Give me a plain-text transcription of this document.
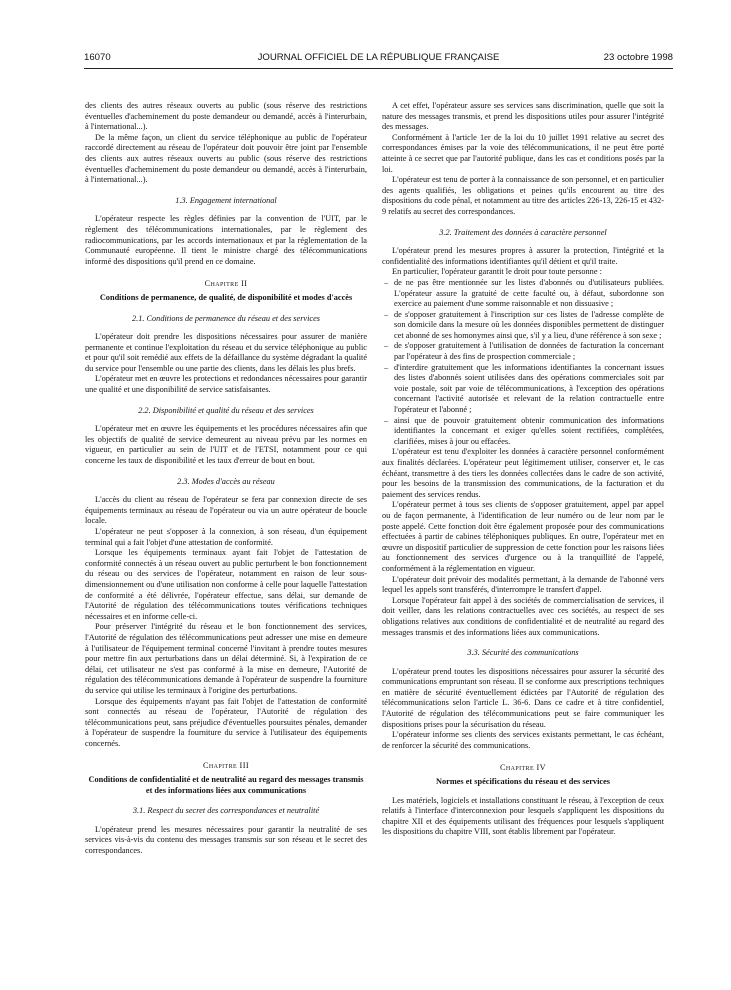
16070	JOURNAL OFFICIEL DE LA RÉPUBLIQUE FRANÇAISE	23 octobre 1998

des clients des autres réseaux ouverts au public (sous réserve des restrictions éventuelles d'acheminement du poste demandeur ou demandé, accès à l'interurbain, à l'international...).

De la même façon, un client du service téléphonique au public de l'opérateur raccordé directement au réseau de l'opérateur doit pouvoir être joint par l'ensemble des clients aux autres réseaux ouverts au public (sous réserve des restrictions éventuelles d'acheminement du poste demandeur ou demandé, accès à l'interurbain, à l'international...).

1.3. Engagement international

L'opérateur respecte les règles définies par la convention de l'UIT, par le règlement des télécommunications internationales, par le règlement des radiocommunications, par les accords internationaux et par la réglementation de la Communauté européenne. Il tient le ministre chargé des télécommunications informé des dispositions qu'il prend en ce domaine.

Chapitre II
Conditions de permanence, de qualité, de disponibilité et modes d'accès
2.1. Conditions de permanence du réseau et des services

L'opérateur doit prendre les dispositions nécessaires pour assurer de manière permanente et continue l'exploitation du réseau et du service téléphonique au public et pour qu'il soit remédié aux effets de la défaillance du système dégradant la qualité du service pour l'ensemble ou une partie des clients, dans les délais les plus brefs.

L'opérateur met en œuvre les protections et redondances nécessaires pour garantir une qualité et une disponibilité de service satisfaisantes.

2.2. Disponibilité et qualité du réseau et des services

L'opérateur met en œuvre les équipements et les procédures nécessaires afin que les objectifs de qualité de service demeurent au niveau prévu par les normes en vigueur, en particulier au sein de l'UIT et de l'ETSI, notamment pour ce qui concerne les taux de disponibilité et les taux d'erreur de bout en bout.

2.3. Modes d'accès au réseau

L'accès du client au réseau de l'opérateur se fera par connexion directe de ses équipements terminaux au réseau de l'opérateur ou via un autre opérateur de boucle locale.

L'opérateur ne peut s'opposer à la connexion, à son réseau, d'un équipement terminal qui a fait l'objet d'une attestation de conformité.

Lorsque les équipements terminaux ayant fait l'objet de l'attestation de conformité connectés à un réseau ouvert au public perturbent le bon fonctionnement du réseau ou des services de l'opérateur, notamment en raison de leur sous-dimensionnement ou d'une utilisation non conforme à celle pour laquelle l'attestation de conformité a été délivrée, l'opérateur effectue, sans délai, sur demande de l'Autorité de régulation des télécommunications toutes vérifications techniques nécessaires et en informe celle-ci.

Pour préserver l'intégrité du réseau et le bon fonctionnement des services, l'Autorité de régulation des télécommunications peut adresser une mise en demeure à l'utilisateur de l'équipement terminal concerné l'invitant à prendre toutes mesures pour mettre fin aux perturbations dans un délai déterminé. Si, à l'expiration de ce délai, cet utilisateur ne s'est pas conformé à la mise en demeure, l'Autorité de régulation des télécommunications demande à l'opérateur de suspendre la fourniture du service qui utilise les terminaux à l'origine des perturbations.

Lorsque des équipements n'ayant pas fait l'objet de l'attestation de conformité sont connectés au réseau de l'opérateur, l'Autorité de régulation des télécommunications peut, sans préjudice d'éventuelles poursuites pénales, demander à l'opérateur de suspendre la fourniture du service à l'utilisateur des équipements concernés.

Chapitre III
Conditions de confidentialité et de neutralité au regard des messages transmis et des informations liées aux communications
3.1. Respect du secret des correspondances et neutralité

L'opérateur prend les mesures nécessaires pour garantir la neutralité de ses services vis-à-vis du contenu des messages transmis sur son réseau et le secret des correspondances.

A cet effet, l'opérateur assure ses services sans discrimination, quelle que soit la nature des messages transmis, et prend les dispositions utiles pour assurer l'intégrité des messages.

Conformément à l'article 1er de la loi du 10 juillet 1991 relative au secret des correspondances émises par la voie des télécommunications, il ne peut être porté atteinte à ce secret que par l'autorité publique, dans les cas et conditions posés par la loi.

L'opérateur est tenu de porter à la connaissance de son personnel, et en particulier des agents qualifiés, les obligations et peines qu'ils encourent au titre des dispositions du code pénal, et notamment au titre des articles 226-13, 226-15 et 432-9 relatifs au secret des correspondances.

3.2. Traitement des données à caractère personnel

L'opérateur prend les mesures propres à assurer la protection, l'intégrité et la confidentialité des informations identifiantes qu'il détient et qu'il traite.

En particulier, l'opérateur garantit le droit pour toute personne :

– de ne pas être mentionnée sur les listes d'abonnés ou d'utilisateurs publiées. L'opérateur assure la gratuité de cette faculté ou, à défaut, subordonne son exercice au paiement d'une somme raisonnable et non dissuasive ;
– de s'opposer gratuitement à l'inscription sur ces listes de l'adresse complète de son domicile dans la mesure où les données disponibles permettent de distinguer cet abonné de ses homonymes ainsi que, s'il y a lieu, d'une référence à son sexe ;
– de s'opposer gratuitement à l'utilisation de données de facturation la concernant par l'opérateur à des fins de prospection commerciale ;
– d'interdire gratuitement que les informations identifiantes la concernant issues des listes d'abonnés soient utilisées dans des opérations commerciales soit par voie postale, soit par voie de télécommunications, à l'exception des opérations concernant l'activité autorisée et relevant de la relation contractuelle entre l'opérateur et l'abonné ;
– ainsi que de pouvoir gratuitement obtenir communication des informations identifiantes la concernant et exiger qu'elles soient rectifiées, complétées, clarifiées, mises à jour ou effacées.

L'opérateur est tenu d'exploiter les données à caractère personnel conformément aux finalités déclarées. L'opérateur peut légitimement utiliser, conserver et, le cas échéant, transmettre à des tiers les données collectées dans le cadre de son activité, pour les besoins de la transmission des communications, de la facturation et du paiement des services rendus.

L'opérateur permet à tous ses clients de s'opposer gratuitement, appel par appel ou de façon permanente, à l'identification de leur numéro ou de leur nom par le poste appelé. Cette fonction doit être également proposée pour des communications effectuées à partir de cabines téléphoniques publiques. En outre, l'opérateur met en œuvre un dispositif particulier de suppression de cette fonction pour les raisons liées au fonctionnement des services d'urgence ou à la tranquillité de l'appelé, conformément à la réglementation en vigueur.

L'opérateur doit prévoir des modalités permettant, à la demande de l'abonné vers lequel les appels sont transférés, d'interrompre le transfert d'appel.

Lorsque l'opérateur fait appel à des sociétés de commercialisation de services, il doit veiller, dans les relations contractuelles avec ces sociétés, au respect de ses obligations relatives aux conditions de confidentialité et de neutralité au regard des messages transmis et des informations liées aux communications.

3.3. Sécurité des communications

L'opérateur prend toutes les dispositions nécessaires pour assurer la sécurité des communications empruntant son réseau. Il se conforme aux prescriptions techniques en matière de sécurité éventuellement édictées par l'Autorité de régulation des télécommunications selon l'article L. 36-6. Dans ce cadre et à titre confidentiel, l'Autorité de régulation des télécommunications peut se faire communiquer les dispositions prises pour la sécurisation du réseau.

L'opérateur informe ses clients des services existants permettant, le cas échéant, de renforcer la sécurité des communications.

Chapitre IV
Normes et spécifications du réseau et des services

Les matériels, logiciels et installations constituant le réseau, à l'exception de ceux relatifs à l'interface d'interconnexion pour lesquels s'appliquent les dispositions du chapitre XII et des équipements utilisant des fréquences pour lesquels s'appliquent les dispositions du chapitre VIII, sont établis librement par l'opérateur.
